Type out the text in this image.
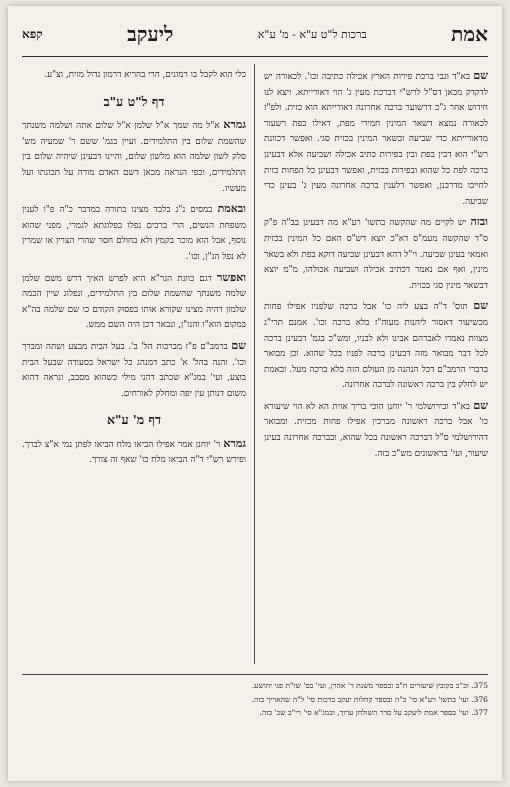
אמת
ברכות ל"ט ע"א - מ' ע"א
ליעקב
קפא

שם בא"ד וגבי ברכת פירות הארץ אכילה כתיבה וכו'. לכאורה יש לדקדק מכאן דס"ל לרש"י דברכת מעין ג' הוי דאורייתא. ויצא לנו חידוש אחר ג"כ דרשוער ברכה אחרונה דאורייתא הוא כזית. ולפ"ז לכאורה נמצא דשאר המינין חמירי מפת, דאילו בפת רשעור מדאורייתא כדי שביעה ובשאר המינין בכזית סגי. ואפשר דכוונת רש"י הוא דבין בפת ובין בפירות כתיב אכילה ושביעה אלא דבעינן ברכה לפת כל שהוא ובפירות בכזית, ואפשר דבעינן כל הפחות כזית לחייבו מדרבנן, ואפשר דלענין ברכה אחרונה מעין ג' בעינן כדי שביעה.

ובזה יש לקיים מה שהקשה בתשו' רע"א מה דבעינן בב"ה פ"ק ס"ד שהקשה מעמ"ס דא"כ יוצא דש"ס האם כל המינין בכזית ואמאי בעינן שביעה. וי"ל דהא דבעינן שביעה דוקא בפת ולא בשאר מינין, ואף אם נאמר דכתיב אכילה ושביעה אכולהו, מ"מ יוצא דבשאר מינין סגי בכזית.

שם תוס' ד"ה בצע ליה כו' אבל ברכה שלפניו אפילו פחות מכשיעור דאסור ליהנות מעוה"ז בלא ברכה וכו'. אמנם תרי"ג מצוות נאמרו לאברהם אבינו ולא לבניו, ומש"כ בגמ' דבעינן ברכה לכל דבר מבואר מזה דבעינן ברכה לפניו בכל שהוא. וכן מבואר בדברי הרמב"ם דכל הנהנה מן העולם הזה בלא ברכה מעל. ובאמת יש לחלק בין ברכה ראשונה לברכה אחרונה.

שם בא"ד ובירושלמי ר' יוחנן הוכי בריך אזית הא לא הוי שיעורא כו' אבל ברכה ראשונה מברכין אפילו פחות מכזית. ומבואר דהירושלמי ס"ל דברכה ראשונה בכל שהוא, ובברכה אחרונה בעינן שיעור, ועי' בראשונים מש"כ בזה.

כלי הוא לקבל בו רמונים, הרי בהריא דרמון גדול מזית, וצ"ע.

דף ל"ט ע"ב

גמרא א"ל מה שמך א"ל שלמן א"ל שלום אתה ושלמה משנתך שהשמת שלום בין התלמידים. ועיין בגמ' ששם ר' שמעיה מש' סלק לשון שלמה הוא מלשון שלום, והיינו דבעינן שיהיה שלום בין התלמידים, וכפי הנראה מכאן דשם האדם מורה על תכונתו ועל מעשיו.

ובאמת במסים נ"ג בלבד מצינו בתורה במדבר כ"ה פ"ו לענין משפחת הנשים, הרי ברבים נפלו בפלוגתא לגמרי, מפני שהוא נוסף, אבל הוא מוכר בקמץ ולא בחולם חסר שהרי הצרין או שמרין לא נפל הנ"ן, וכו'.

ואפשר דגם כוונת הגר"א היא לפרש האיך דרש משם שלמן שלמה משנתך שהשמת שלום בין התלמידים, ונפלוג שיין הכמה שלמון דהיה מצינו שקורא אותו בפסוק הקודם כו שם שלמה בה"א במקום הוא"ו והנו"ן, ונבאר דכן היה השם ממש.

שם ברמב"ם פ"ז מברכות הל' ב'. בעל הבית מבצע ושתה ומברך וכו'. והנה בהל' א' כתב דמנהג כל ישראל בסעודה שבעל הבית בוצע, ועי' במג"א שכתב דהני מילי כשהוא מסבב, ונראה דהוא משום דנותן עין יפה ומחלק לאורחים.

דף מ' ע"א

גמרא ר' יוחנן אמר אפילו הביאו מלח הביאו לפתן נמי א"צ לברך. ופירש רש"י ד"ה הביאו מלח כו' שאף זה צורך.

375. וכ"כ בקובץ שיעורים ח"ב ובספר משנת ר' אהרן, ועי' בס' שו"ת פני יהושע.
376. ועי' בתשו' רע"א סי' כ"ה ובספר קהלות יעקב ברכות סי' ל"ה שהאריך בזה.
377. ועי' בספר אמת ליעקב על סדר השולחן ערוך, ובמג"א סי' רי"ב שכ' בזה.
